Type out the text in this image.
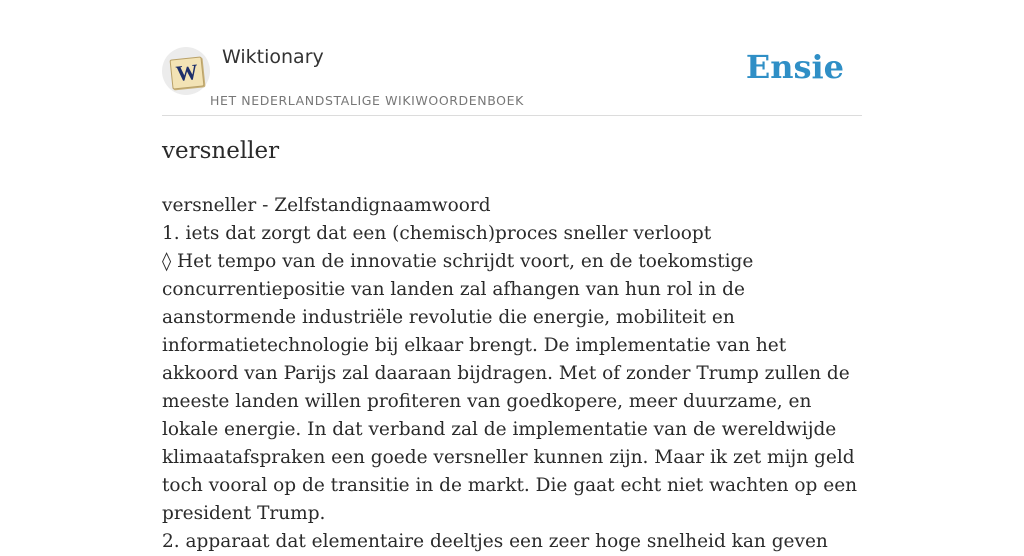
W
Wiktionary
HET NEDERLANDSTALIGE WIKIWOORDENBOEK
Ensie
versneller

versneller - Zelfstandignaamwoord

1. iets dat zorgt dat een (chemisch)proces sneller verloopt

◊ Het tempo van de innovatie schrijdt voort, en de toekomstige concurrentiepositie van landen zal afhangen van hun rol in de aanstormende industriële revolutie die energie, mobiliteit en informatietechnologie bij elkaar brengt. De implementatie van het akkoord van Parijs zal daaraan bijdragen. Met of zonder Trump zullen de meeste landen willen profiteren van goedkopere, meer duurzame, en lokale energie. In dat verband zal de implementatie van de wereldwijde klimaatafspraken een goede versneller kunnen zijn. Maar ik zet mijn geld toch vooral op de transitie in de markt. Die gaat echt niet wachten op een president Trump.

2. apparaat dat elementaire deeltjes een zeer hoge snelheid kan geven
